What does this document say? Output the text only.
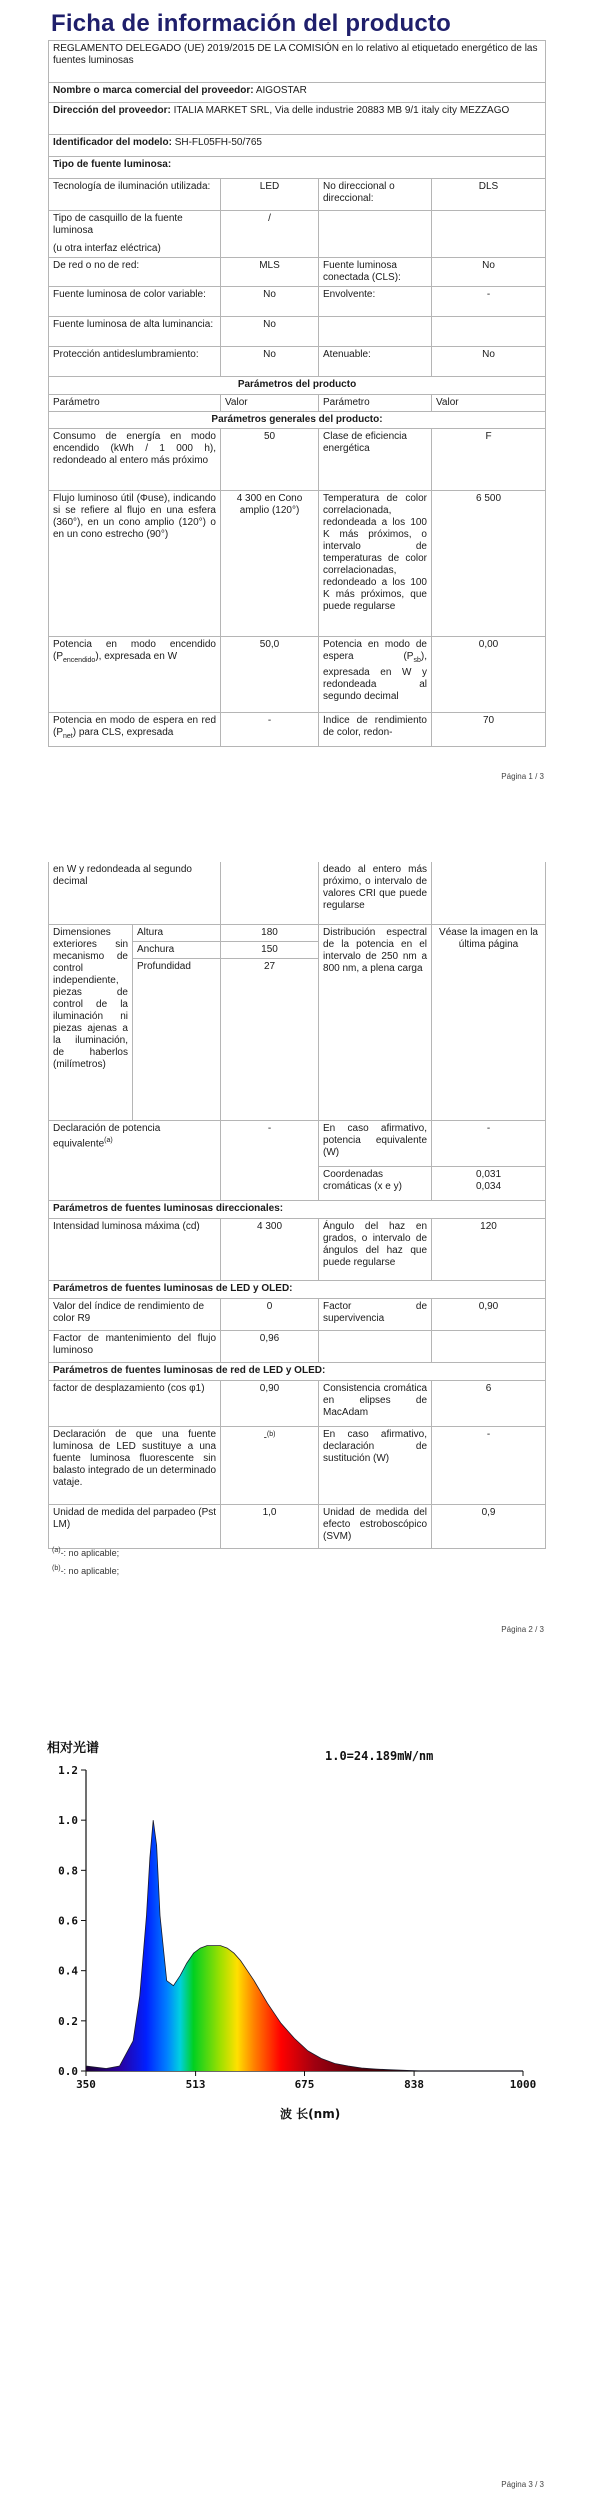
Ficha de información del producto
REGLAMENTO DELEGADO (UE) 2019/2015 DE LA COMISIÓN en lo relativo al etiquetado energético de las fuentes luminosas			
Nombre o marca comercial del proveedor: AIGOSTAR			
Dirección del proveedor: ITALIA MARKET SRL, Via delle industrie 20883 MB 9/1 italy city MEZZAGO			
Identificador del modelo: SH-FL05FH-50/765			
Tipo de fuente luminosa:			
Tecnología de iluminación utilizada:	LED	No direccional o direccional:	DLS
Tipo de casquillo de la fuente luminosa
(u otra interfaz eléctrica)	/		
De red o no de red:	MLS	Fuente luminosa conectada (CLS):	No
Fuente luminosa de color variable:	No	Envolvente:	-
Fuente luminosa de alta luminancia:	No		
Protección antideslumbramiento:	No	Atenuable:	No
Parámetros del producto			
Parámetro	Valor	Parámetro	Valor
Parámetros generales del producto:			
Consumo de energía en modo encendido (kWh / 1 000 h), redondeado al entero más próximo	50	Clase de eficiencia energética	F
Flujo luminoso útil (Φuse), indicando si se refiere al flujo en una esfera (360°), en un cono amplio (120°) o en un cono estrecho (90°)	4 300 en Cono amplio (120°)	Temperatura de color correlacionada, redondeada a los 100 K más próximos, o intervalo de temperaturas de color correlacionadas, redondeado a los 100 K más próximos, que puede regularse	6 500
Potencia en modo encendido $(P_{encendido})$, expresada en W	50,0	Potencia en modo de espera $(P_{sb})$, expresada en W y redondeada al segundo decimal	0,00

Potencia en modo de espera en red $(P_{net})$ para CLS, expresada	-	Índice de rendimiento de color, redon-	70
Página 1 / 3
en W y redondeada al segundo decimal			deado al entero más próximo, o intervalo de valores CRI que puede regularse	
Dimensiones exteriores sin mecanismo de control independiente, piezas de control de la iluminación ni piezas ajenas a la iluminación, de haberlos (milímetros)	Altura	180	Distribución espectral de la potencia en el intervalo de 250 nm a 800 nm, a plena carga	Véase la imagen en la última página
	Anchura	150		
	Profundidad	27		
Declaración de potencia equivalente$^{(a)}$		-	En caso afirmativo, potencia equivalente (W)	-
			Coordenadas cromáticas (x e y)	0,031
0,034

Parámetros de fuentes luminosas direccionales:				
Intensidad luminosa máxima (cd)		4 300	Ángulo del haz en grados, o intervalo de ángulos del haz que puede regularse	120
Parámetros de fuentes luminosas de LED y OLED:				
Valor del índice de rendimiento de color R9		0	Factor de supervivencia	0,90
Factor de mantenimiento del flujo luminoso		0,96		
Parámetros de fuentes luminosas de red de LED y OLED:				
factor de desplazamiento (cos φ1)		0,90	Consistencia cromática en elipses de MacAdam	6
Declaración de que una fuente luminosa de LED sustituye a una fuente luminosa fluorescente sin balasto integrado de un determinado vataje.		-$^{(b)}$	En caso afirmativo, declaración de sustitución (W)	-
Unidad de medida del parpadeo (Pst LM)		1,0	Unidad de medida del efecto estroboscópico (SVM)	0,9
$^{(a)}$-: no aplicable;
$^{(b)}$-: no aplicable;
Página 2 / 3
相对光谱	1.0=24.189mW/nm
0.0
0.2
0.4
0.6
0.8
1.0
1.2
350	513	675	838	1000
波 长(nm)
Página 3 / 3
